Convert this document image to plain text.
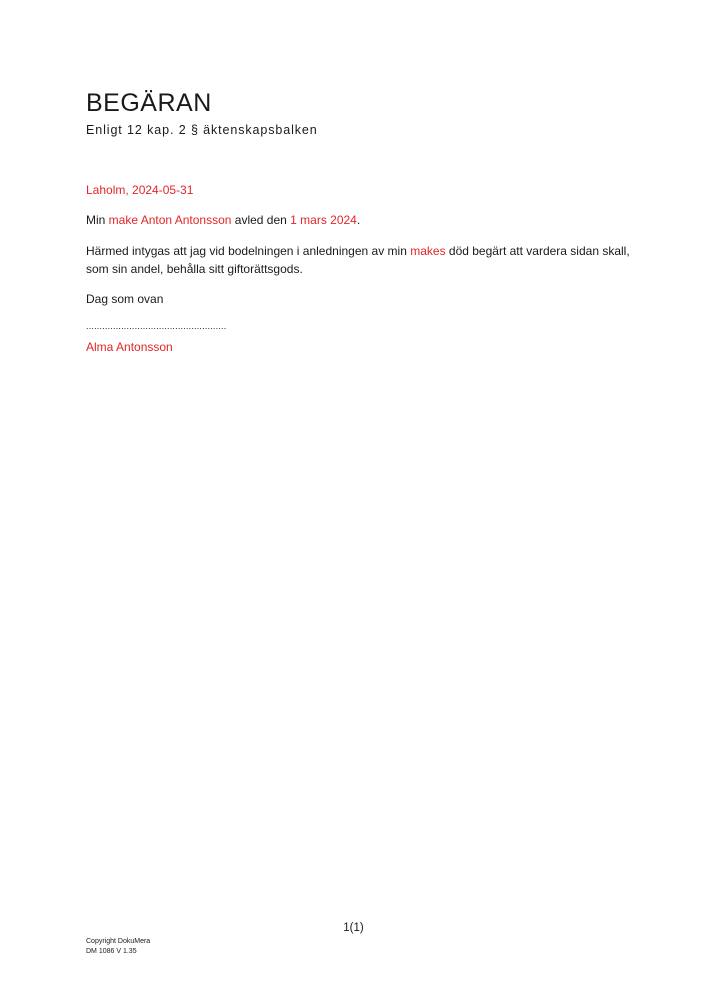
BEGÄRAN
Enligt 12 kap. 2 § äktenskapsbalken
Laholm, 2024-05-31
Min make Anton Antonsson avled den 1 mars 2024.
Härmed intygas att jag vid bodelningen i anledningen av min makes död begärt att vardera sidan skall, som sin andel, behålla sitt giftorättsgods.
Dag som ovan
....................................................
Alma Antonsson
1(1)
Copyright DokuMera
DM 1086 V 1.35
